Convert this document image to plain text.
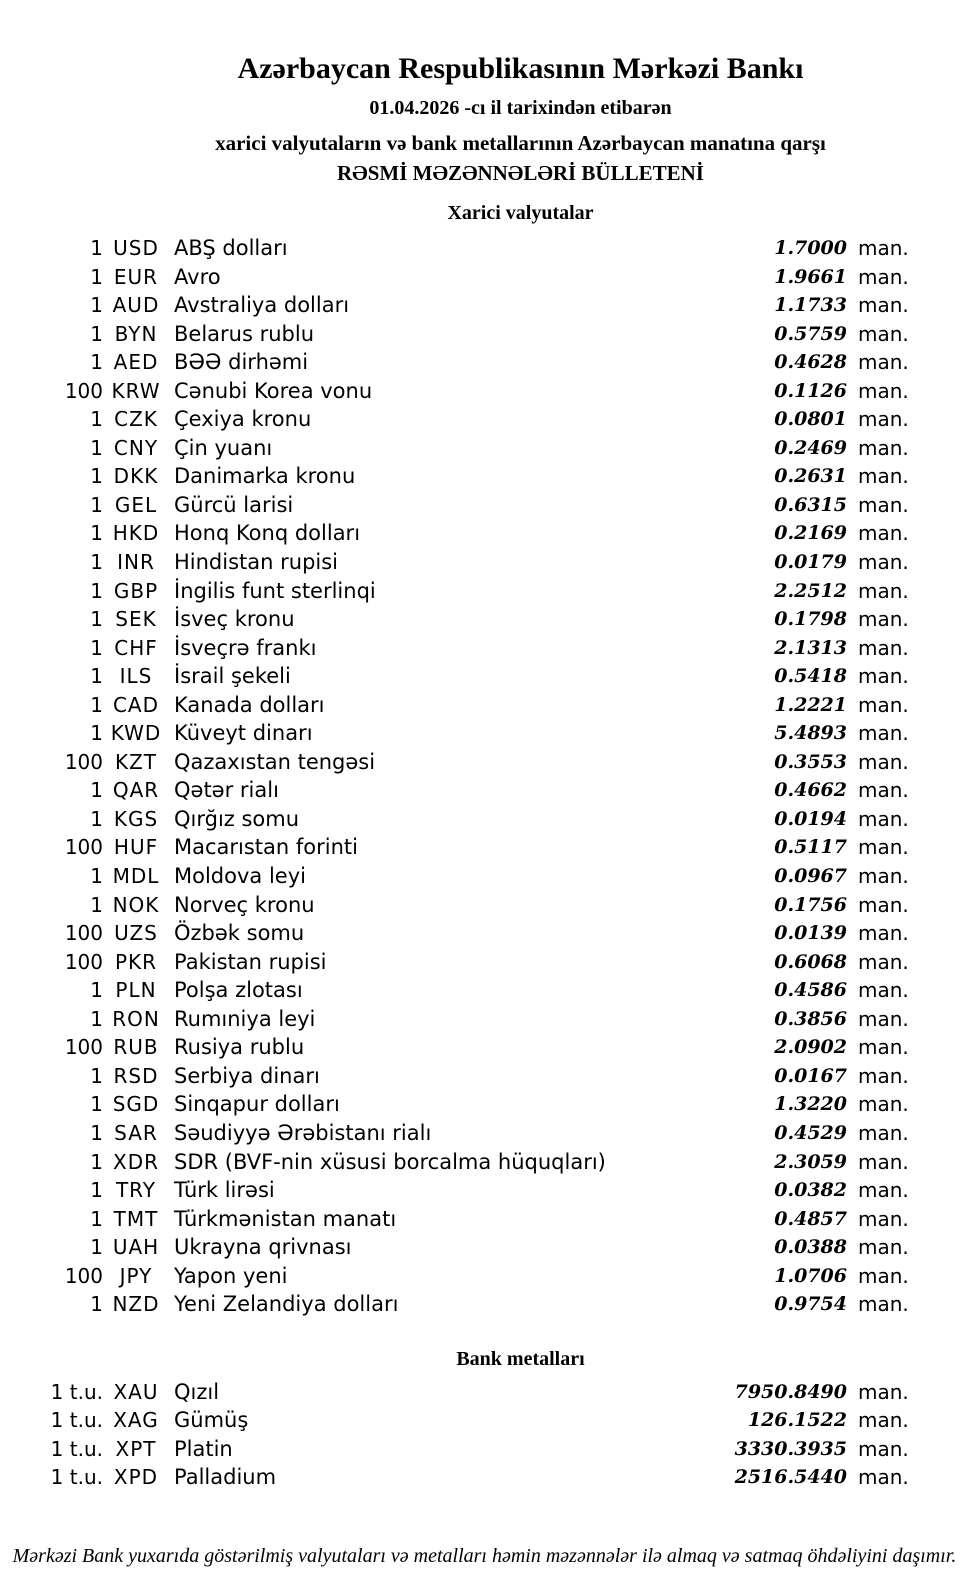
Azərbaycan Respublikasının Mərkəzi Bankı
01.04.2026 -cı il tarixindən etibarən
xarici valyutaların və bank metallarının Azərbaycan manatına qarşı
RƏSMİ MƏZƏNNƏLƏRİ BÜLLETENİ
Xarici valyutalar
1 USD ABŞ dolları	1.7000 man.
1 EUR Avro	1.9661 man.
1 AUD Avstraliya dolları	1.1733 man.
1 BYN Belarus rublu	0.5759 man.
1 AED BƏƏ dirhəmi	0.4628 man.
100 KRW Cənubi Korea vonu	0.1126 man.
1 CZK Çexiya kronu	0.0801 man.
1 CNY Çin yuanı	0.2469 man.
1 DKK Danimarka kronu	0.2631 man.
1 GEL Gürcü larisi	0.6315 man.
1 HKD Honq Konq dolları	0.2169 man.
1 INR Hindistan rupisi	0.0179 man.
1 GBP İngilis funt sterlinqi	2.2512 man.
1 SEK İsveç kronu	0.1798 man.
1 CHF İsveçrə frankı	2.1313 man.
1 ILS	İsrail şekeli	0.5418 man.
1 CAD Kanada dolları	1.2221 man.
1 KWD Küveyt dinarı	5.4893 man.
100 KZT Qazaxıstan tengəsi	0.3553 man.
1 QAR Qətər rialı	0.4662 man.
1 KGS Qırğız somu	0.0194 man.
100 HUF Macarıstan forinti	0.5117 man.
1 MDL Moldova leyi	0.0967 man.
1 NOK Norveç kronu	0.1756 man.
100 UZS Özbək somu	0.0139 man.
100 PKR Pakistan rupisi	0.6068 man.
1 PLN Polşa zlotası	0.4586 man.
1 RON Rumıniya leyi	0.3856 man.
100 RUB Rusiya rublu	2.0902 man.
1 RSD Serbiya dinarı	0.0167 man.
1 SGD Sinqapur dolları	1.3220 man.
1 SAR Səudiyyə Ərəbistanı rialı	0.4529 man.
1 XDR SDR (BVF-nin xüsusi borcalma hüquqları)	2.3059 man.
1 TRY Türk lirəsi	0.0382 man.
1 TMT Türkmənistan manatı	0.4857 man.
1 UAH Ukrayna qrivnası	0.0388 man.
100 JPY	Yapon yeni	1.0706 man.
1 NZD Yeni Zelandiya dolları	0.9754 man.
Bank metalları
1 t.u. XAU Qızıl	7950.8490 man.
1 t.u. XAG Gümüş	126.1522 man.
1 t.u. XPT Platin	3330.3935 man.
1 t.u. XPD Palladium	2516.5440 man.
Mərkəzi Bank yuxarıda göstərilmiş valyutaları və metalları həmin məzənnələr ilə almaq və satmaq öhdəliyini daşımır.
